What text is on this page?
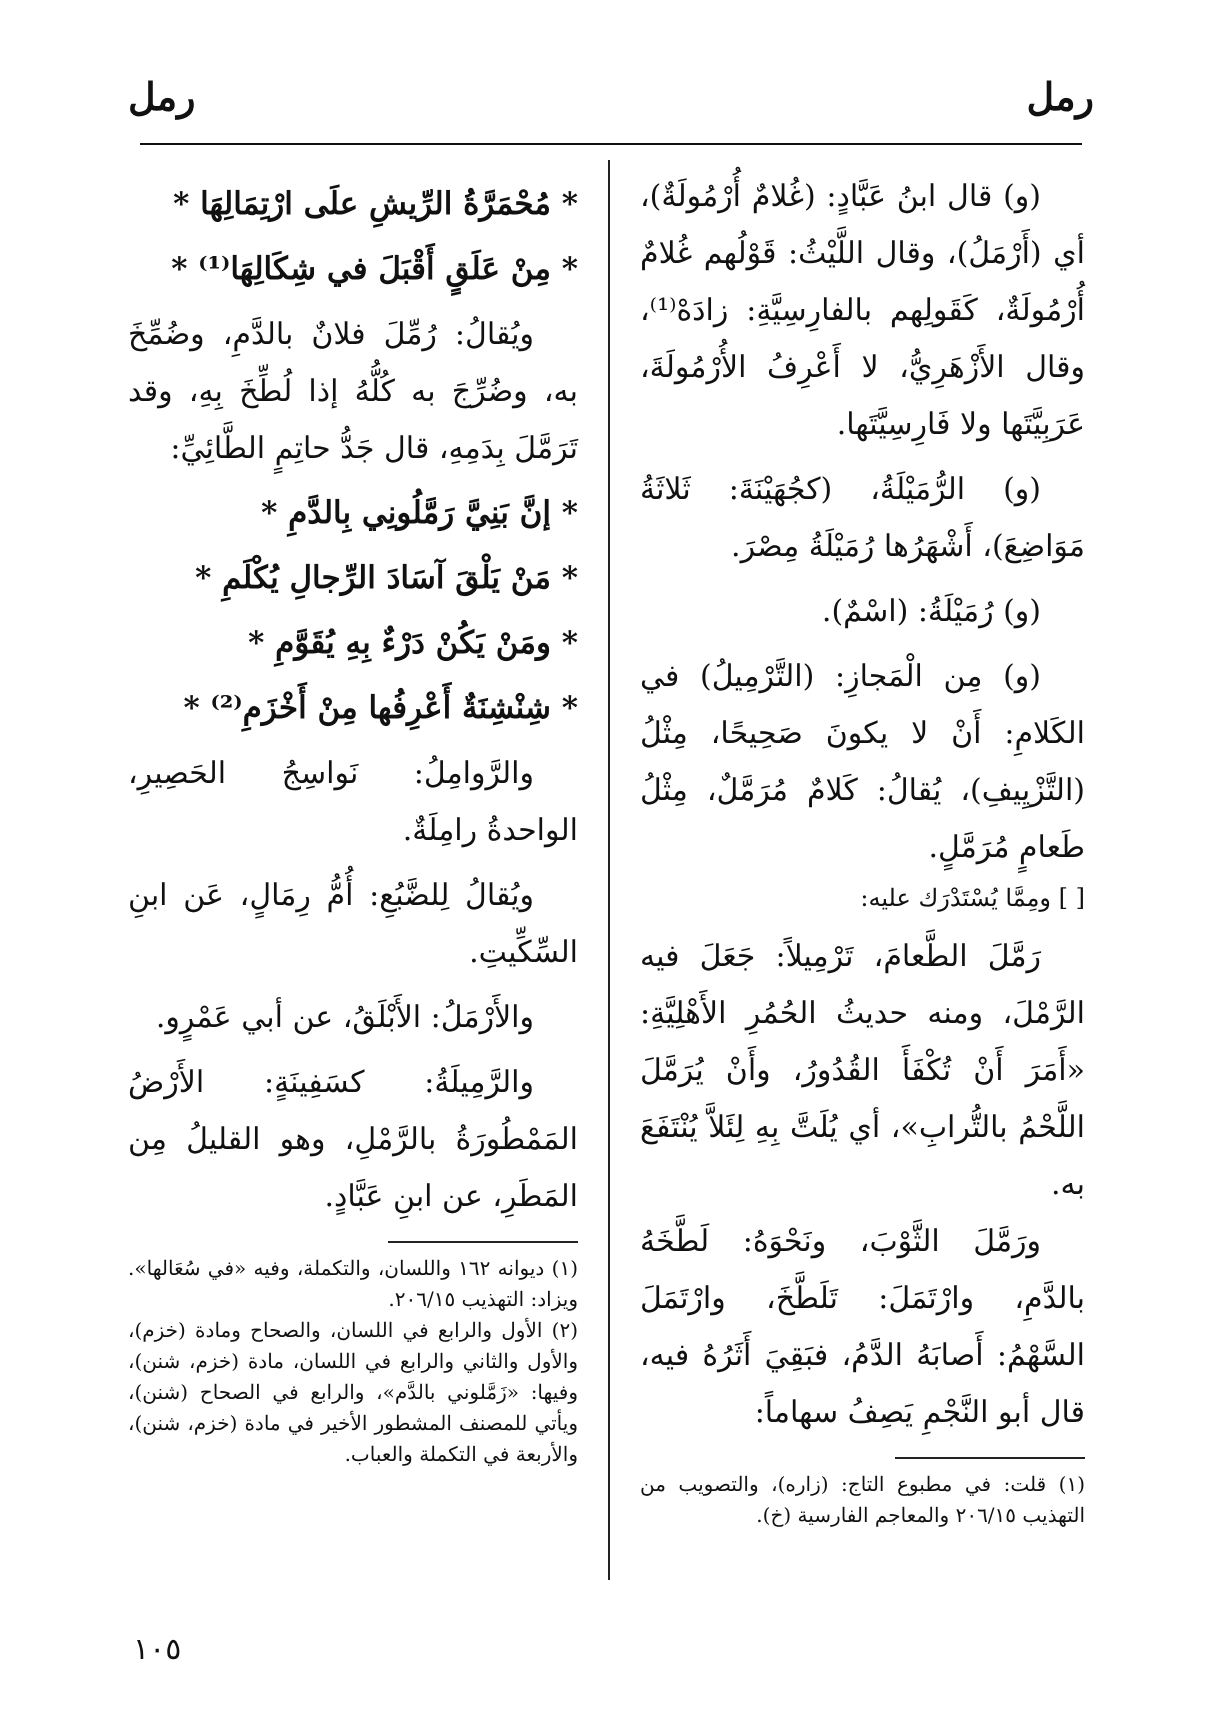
رمل
رمل

(و) قال ابنُ عَبَّادٍ: (غُلامٌ أُرْمُولَةٌ)، أي (أَرْمَلُ)، وقال اللَّيْثُ: قَوْلُهم غُلامٌ أُرْمُولَةٌ، كَقَولِهم بالفارِسِيَّةِ: زادَهْ⁽¹⁾، وقال الأَزْهَرِيُّ، لا أَعْرِفُ الأُرْمُولَةَ، عَرَبِيَّتَها ولا فَارِسِيَّتَها.

(و) الرُّمَيْلَةُ، (كجُهَيْنَةَ: ثَلاثَةُ مَوَاضِعَ)، أَشْهَرُها رُمَيْلَةُ مِصْرَ.

(و) رُمَيْلَةُ: (اسْمٌ).

(و) مِن الْمَجازِ: (التَّرْمِيلُ) في الكَلامِ: أَنْ لا يكونَ صَحِيحًا، مِثْلُ (التَّزْيِيفِ)، يُقالُ: كَلامٌ مُرَمَّلٌ، مِثْلُ طَعامٍ مُرَمَّلٍ.

[ ] ومِمَّا يُسْتَدْرَك عليه:

رَمَّلَ الطَّعامَ، تَرْمِيلاً: جَعَلَ فيه الرَّمْلَ، ومنه حديثُ الحُمُرِ الأَهْلِيَّةِ: «أَمَرَ أَنْ تُكْفَأَ القُدُورُ، وأَنْ يُرَمَّلَ اللَّحْمُ بالتُّرابِ»، أي يُلَتَّ بِهِ لِئَلاَّ يُنْتَفَعَ به.

ورَمَّلَ الثَّوْبَ، ونَحْوَهُ: لَطَّخَهُ بالدَّمِ، وارْتَمَلَ: تَلَطَّخَ، وارْتَمَلَ السَّهْمُ: أَصابَهُ الدَّمُ، فبَقِيَ أَثَرُهُ فيه، قال أبو النَّجْمِ يَصِفُ سهاماً:

(١) قلت: في مطبوع التاج: (زاره)، والتصويب من التهذيب ٢٠٦/١٥ والمعاجم الفارسية (خ).

* مُحْمَرَّةُ الرِّيشِ علَى ارْتِمَالِهَا *

* مِنْ عَلَقٍ أَقْبَلَ في شِكَالِهَا⁽¹⁾ *

ويُقالُ: رُمِّلَ فلانٌ بالدَّمِ، وضُمِّخَ به، وضُرِّجَ به كُلُّهُ إذا لُطِّخَ بِهِ، وقد تَرَمَّلَ بِدَمِهِ، قال جَدُّ حاتِمٍ الطَّائِيِّ:

* إنَّ بَنِيَّ رَمَّلُونِي بِالدَّمِ *

* مَنْ يَلْقَ آسَادَ الرِّجالِ يُكْلَمِ *

* ومَنْ يَكُنْ دَرْءٌ بِهِ يُقَوَّمِ *

* شِنْشِنَةٌ أَعْرِفُها مِنْ أَخْزَمِ⁽²⁾ *

والرَّوامِلُ: نَواسِجُ الحَصِيرِ، الواحدةُ رامِلَةٌ.

ويُقالُ لِلضَّبُعِ: أُمُّ رِمَالٍ، عَن ابنِ السِّكِّيتِ.

والأَرْمَلُ: الأَبْلَقُ، عن أبي عَمْرٍو.

والرَّمِيلَةُ: كسَفِينَةٍ: الأَرْضُ المَمْطُورَةُ بالرَّمْلِ، وهو القليلُ مِن المَطَرِ، عن ابنِ عَبَّادٍ.

(١) ديوانه ١٦٢ واللسان، والتكملة، وفيه «في سُعَالها». ويزاد: التهذيب ٢٠٦/١٥.

(٢) الأول والرابع في اللسان، والصحاح ومادة (خزم)، والأول والثاني والرابع في اللسان، مادة (خزم، شنن)، وفيها: «زَمَّلوني بالدَّم»، والرابع في الصحاح (شنن)، ويأتي للمصنف المشطور الأخير في مادة (خزم، شنن)، والأربعة في التكملة والعباب.

١٠٥
